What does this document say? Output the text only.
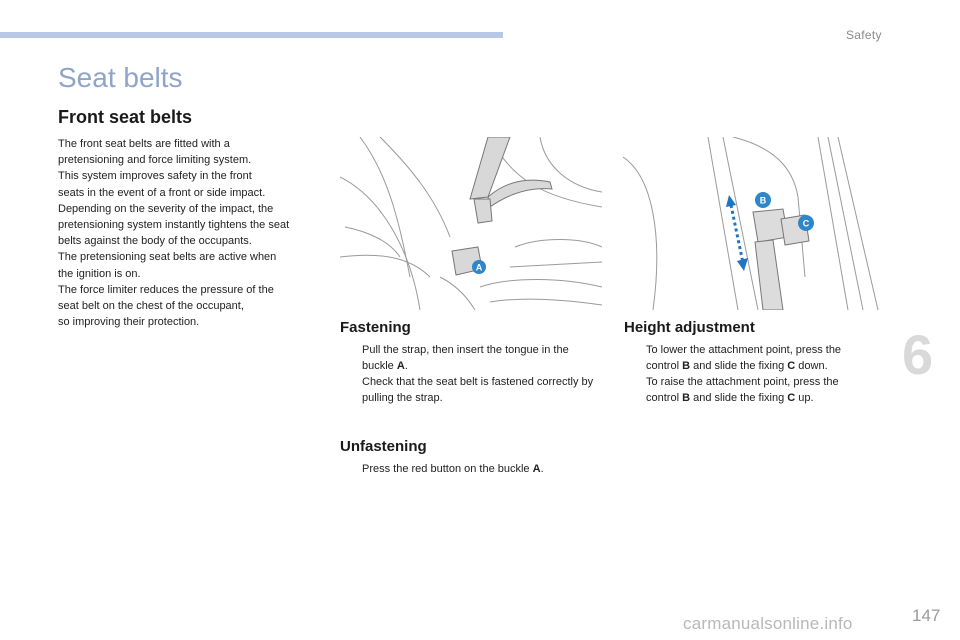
Safety
Seat belts
Front seat belts
The front seat belts are fitted with a
pretensioning and force limiting system.
This system improves safety in the front
seats in the event of a front or side impact.
Depending on the severity of the impact, the
pretensioning system instantly tightens the seat
belts against the body of the occupants.
The pretensioning seat belts are active when
the ignition is on.
The force limiter reduces the pressure of the
seat belt on the chest of the occupant,
so improving their protection.
A
B
C
Fastening
Pull the strap, then insert the tongue in the buckle A.
Check that the seat belt is fastened correctly by pulling the strap.
Unfastening
Press the red button on the buckle A.
Height adjustment
To lower the attachment point, press the control B and slide the fixing C down.
To raise the attachment point, press the control B and slide the fixing C up.
6
147
carmanualsonline.info
